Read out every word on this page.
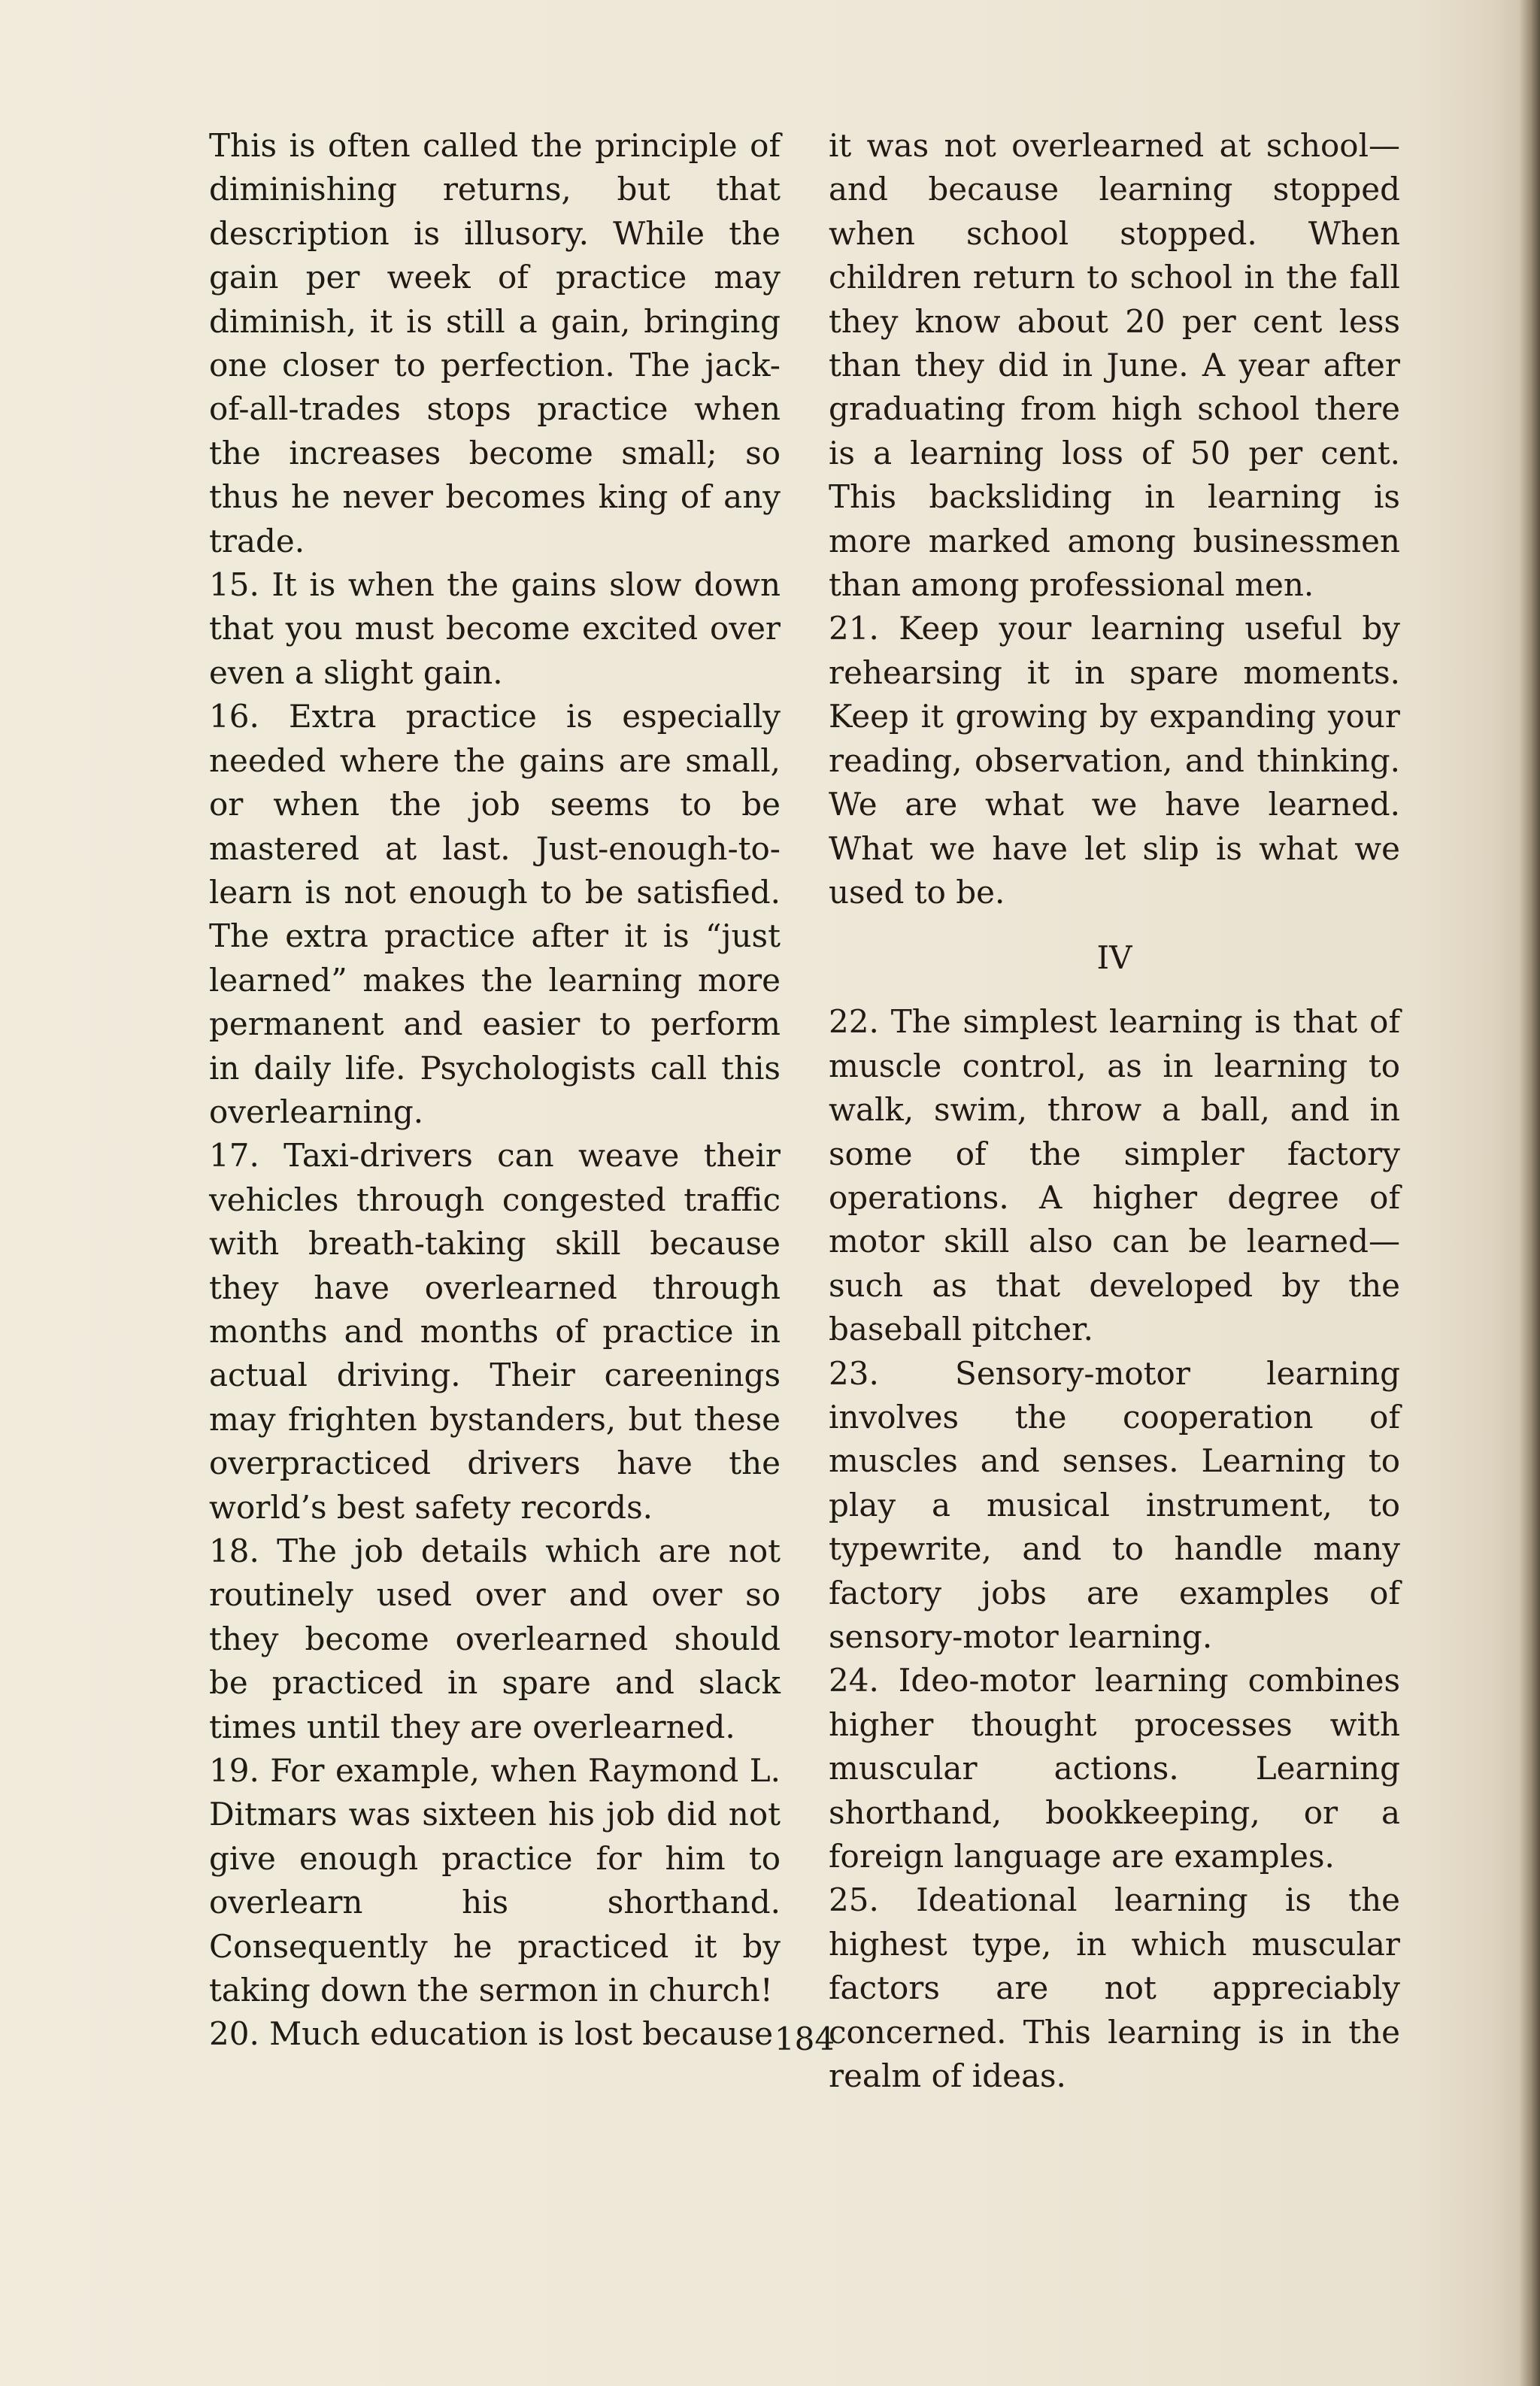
This is often called the principle of diminishing returns, but that description is illusory. While the gain per week of practice may diminish, it is still a gain, bringing one closer to perfection. The jack-of-all-trades stops practice when the increases become small; so thus he never becomes king of any trade.

15. It is when the gains slow down that you must become excited over even a slight gain.

16. Extra practice is especially needed where the gains are small, or when the job seems to be mastered at last. Just-enough-to-learn is not enough to be satisfied. The extra practice after it is “just learned” makes the learning more permanent and easier to perform in daily life. Psychologists call this overlearning.

17. Taxi-drivers can weave their vehicles through congested traffic with breath-taking skill because they have overlearned through months and months of practice in actual driving. Their careenings may frighten bystanders, but these overpracticed drivers have the world’s best safety records.

18. The job details which are not routinely used over and over so they become overlearned should be practiced in spare and slack times until they are overlearned.

19. For example, when Raymond L. Ditmars was sixteen his job did not give enough practice for him to overlearn his shorthand. Consequently he practiced it by taking down the sermon in church!

20. Much education is lost because

it was not overlearned at school—and because learning stopped when school stopped. When children return to school in the fall they know about 20 per cent less than they did in June. A year after graduating from high school there is a learning loss of 50 per cent. This backsliding in learning is more marked among businessmen than among professional men.

21. Keep your learning useful by rehearsing it in spare moments. Keep it growing by expanding your reading, observation, and thinking. We are what we have learned. What we have let slip is what we used to be.

IV

22. The simplest learning is that of muscle control, as in learning to walk, swim, throw a ball, and in some of the simpler factory operations. A higher degree of motor skill also can be learned—such as that developed by the baseball pitcher.

23. Sensory-motor learning involves the cooperation of muscles and senses. Learning to play a musical instrument, to typewrite, and to handle many factory jobs are examples of sensory-motor learning.

24. Ideo-motor learning combines higher thought processes with muscular actions. Learning shorthand, bookkeeping, or a foreign language are examples.

25. Ideational learning is the highest type, in which muscular factors are not appreciably concerned. This learning is in the realm of ideas.

184
